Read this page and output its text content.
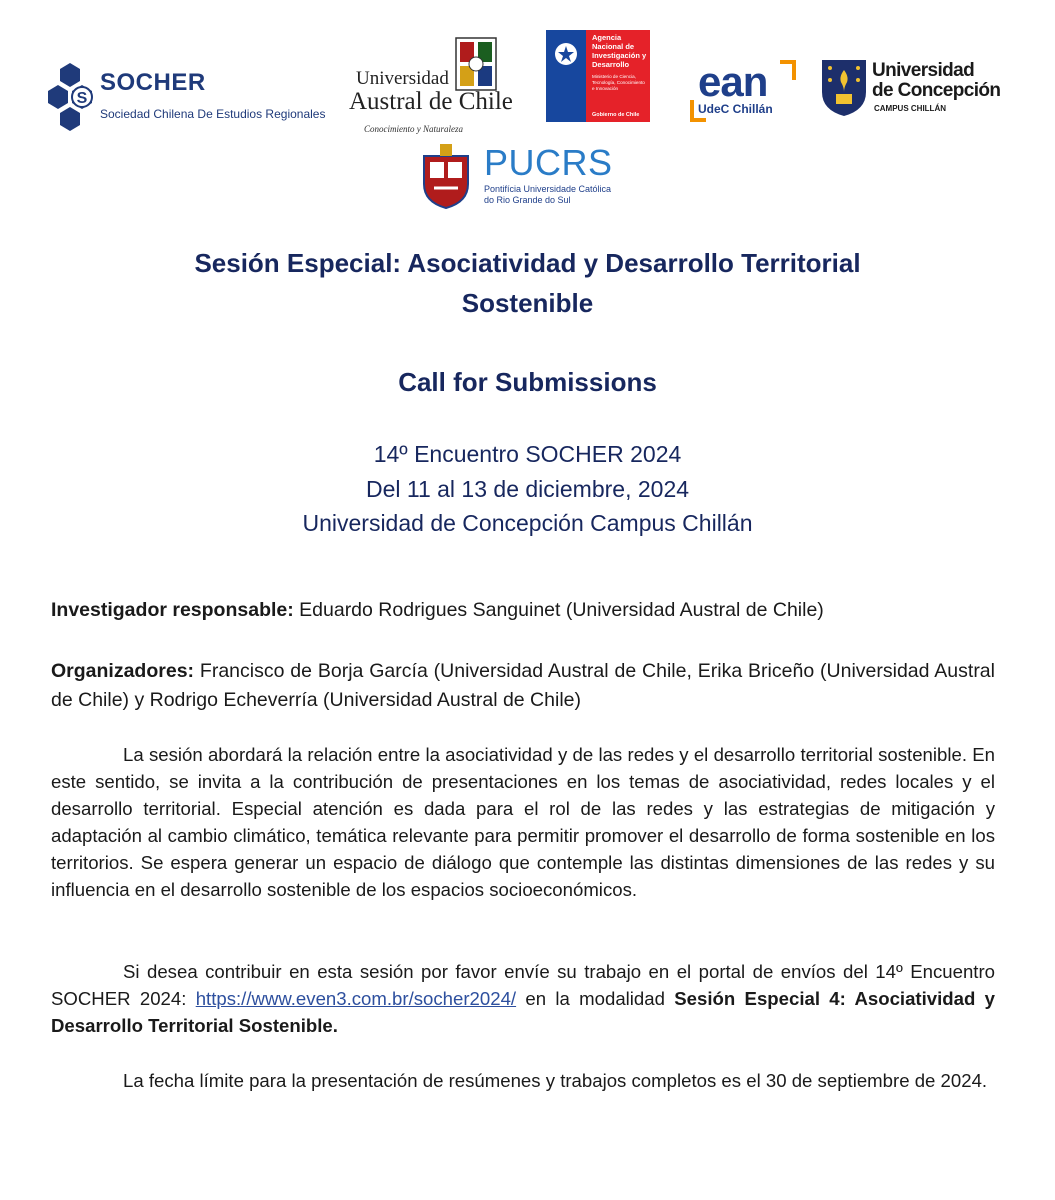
S
SOCHER
Sociedad Chilena De Estudios Regionales
Universidad
Austral de Chile
Conocimiento y Naturaleza
Agencia Nacional de Investigación y Desarrollo
Ministerio de Ciencia, Tecnología, Conocimiento e Innovación
Gobierno de Chile
ean
UdeC Chillán
Universidad
de Concepción
CAMPUS CHILLÁN
PUCRS
Pontifícia Universidade Católica
do Rio Grande do Sul
Sesión Especial: Asociatividad y Desarrollo Territorial
Sostenible
Call for Submissions
14º Encuentro SOCHER 2024
Del 11 al 13 de diciembre, 2024
Universidad de Concepción Campus Chillán
Investigador responsable: Eduardo Rodrigues Sanguinet (Universidad Austral de Chile)
Organizadores: Francisco de Borja García (Universidad Austral de Chile, Erika Briceño (Universidad Austral de Chile) y Rodrigo Echeverría (Universidad Austral de Chile)
La sesión abordará la relación entre la asociatividad y de las redes y el desarrollo territorial sostenible. En este sentido, se invita a la contribución de presentaciones en los temas de asociatividad, redes locales y el desarrollo territorial. Especial atención es dada para el rol de las redes y las estrategias de mitigación y adaptación al cambio climático, temática relevante para permitir promover el desarrollo de forma sostenible en los territorios. Se espera generar un espacio de diálogo que contemple las distintas dimensiones de las redes y su influencia en el desarrollo sostenible de los espacios socioeconómicos.
Si desea contribuir en esta sesión por favor envíe su trabajo en el portal de envíos del 14º Encuentro SOCHER 2024: https://www.even3.com.br/socher2024/ en la modalidad Sesión Especial 4: Asociatividad y Desarrollo Territorial Sostenible.
La fecha límite para la presentación de resúmenes y trabajos completos es el 30 de septiembre de 2024.
